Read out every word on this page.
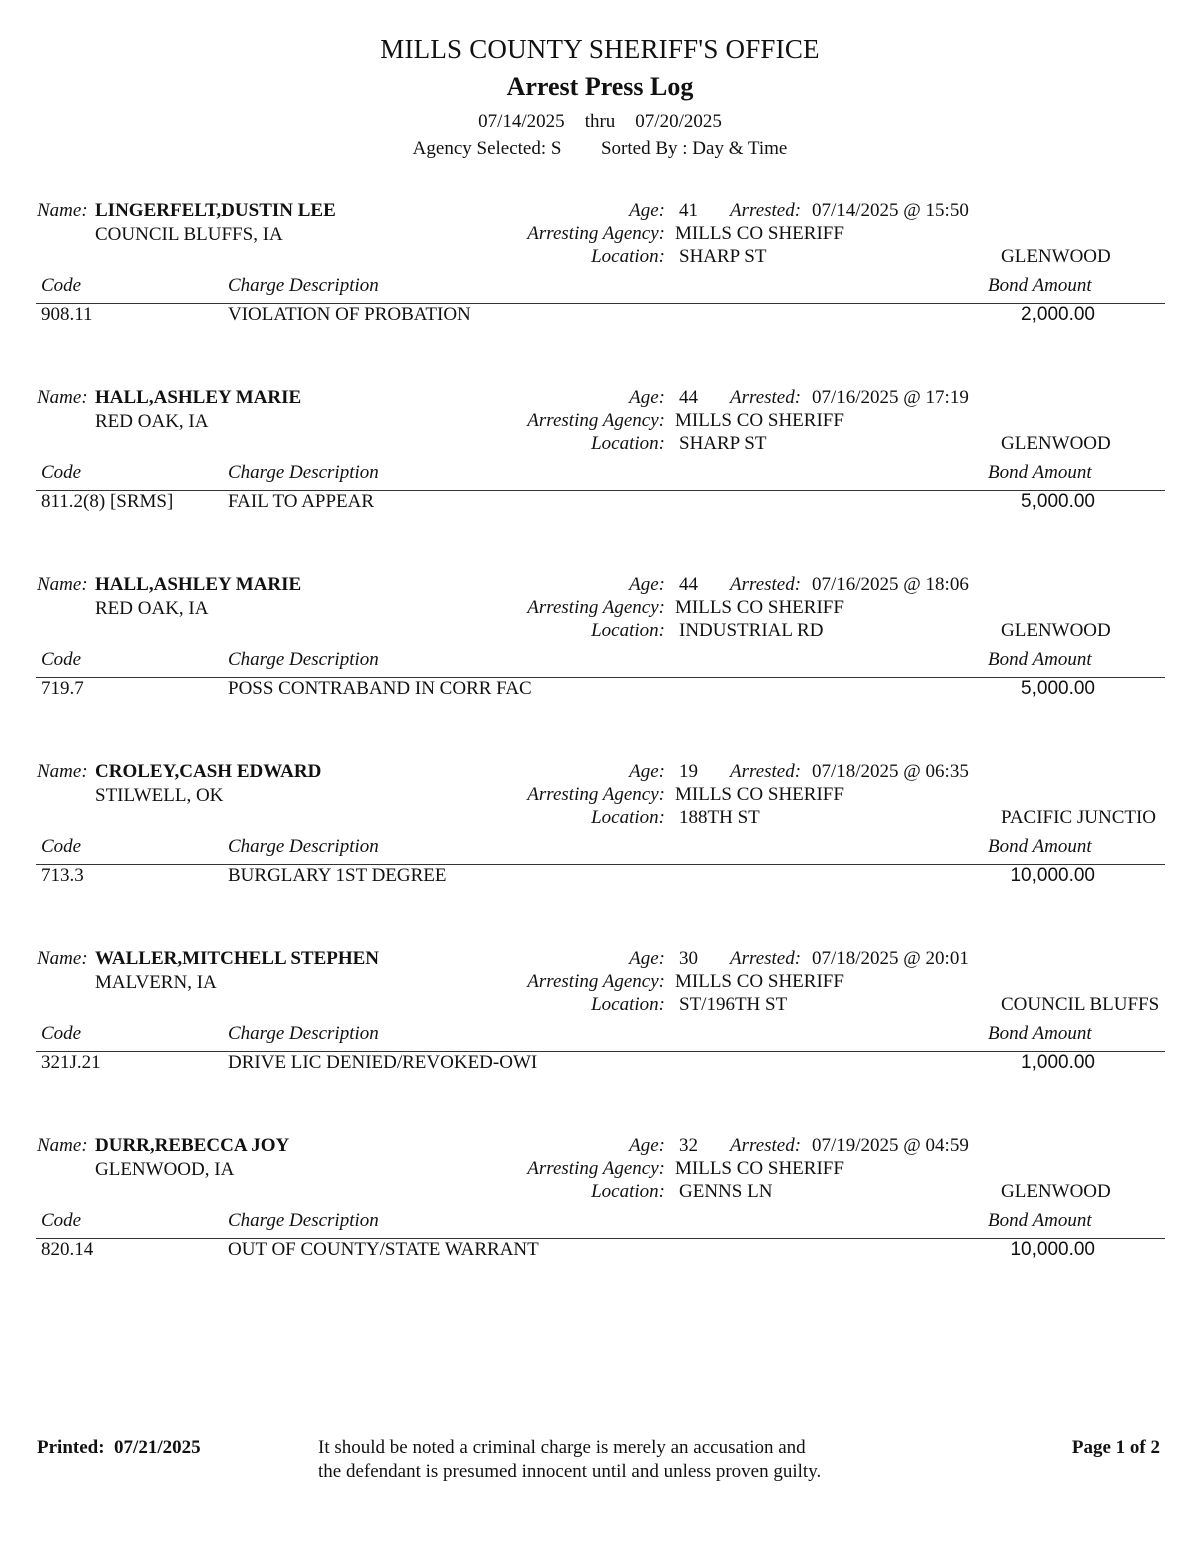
MILLS COUNTY SHERIFF'S OFFICE
Arrest Press Log
07/14/2025 thru 07/20/2025
Agency Selected: S Sorted By : Day & Time
Name: LINGERFELT,DUSTIN LEE
COUNCIL BLUFFS, IA
Age: 41 Arrested: 07/14/2025 @ 15:50
Arresting Agency: MILLS CO SHERIFF
Location: SHARP ST	GLENWOOD
Code	Charge Description	Bond Amount
908.11	VIOLATION OF PROBATION	2,000.00
Name: HALL,ASHLEY MARIE
RED OAK, IA
Age: 44 Arrested: 07/16/2025 @ 17:19
Arresting Agency: MILLS CO SHERIFF
Location: SHARP ST	GLENWOOD
Code	Charge Description	Bond Amount
811.2(8) [SRMS]	FAIL TO APPEAR	5,000.00
Name: HALL,ASHLEY MARIE
RED OAK, IA
Age: 44 Arrested: 07/16/2025 @ 18:06
Arresting Agency: MILLS CO SHERIFF
Location: INDUSTRIAL RD	GLENWOOD
Code	Charge Description	Bond Amount
719.7	POSS CONTRABAND IN CORR FAC	5,000.00
Name: CROLEY,CASH EDWARD
STILWELL, OK
Age: 19 Arrested: 07/18/2025 @ 06:35
Arresting Agency: MILLS CO SHERIFF
Location: 188TH ST	PACIFIC JUNCTIO
Code	Charge Description	Bond Amount
713.3	BURGLARY 1ST DEGREE	10,000.00
Name: WALLER,MITCHELL STEPHEN
MALVERN, IA
Age: 30 Arrested: 07/18/2025 @ 20:01
Arresting Agency: MILLS CO SHERIFF
Location: ST/196TH ST	COUNCIL BLUFFS
Code	Charge Description	Bond Amount
321J.21	DRIVE LIC DENIED/REVOKED-OWI	1,000.00
Name: DURR,REBECCA JOY
GLENWOOD, IA
Age: 32 Arrested: 07/19/2025 @ 04:59
Arresting Agency: MILLS CO SHERIFF
Location: GENNS LN	GLENWOOD
Code	Charge Description	Bond Amount
820.14	OUT OF COUNTY/STATE WARRANT	10,000.00
Printed: 07/21/2025	It should be noted a criminal charge is merely an accusation and
the defendant is presumed innocent until and unless proven guilty.
Page 1 of 2
